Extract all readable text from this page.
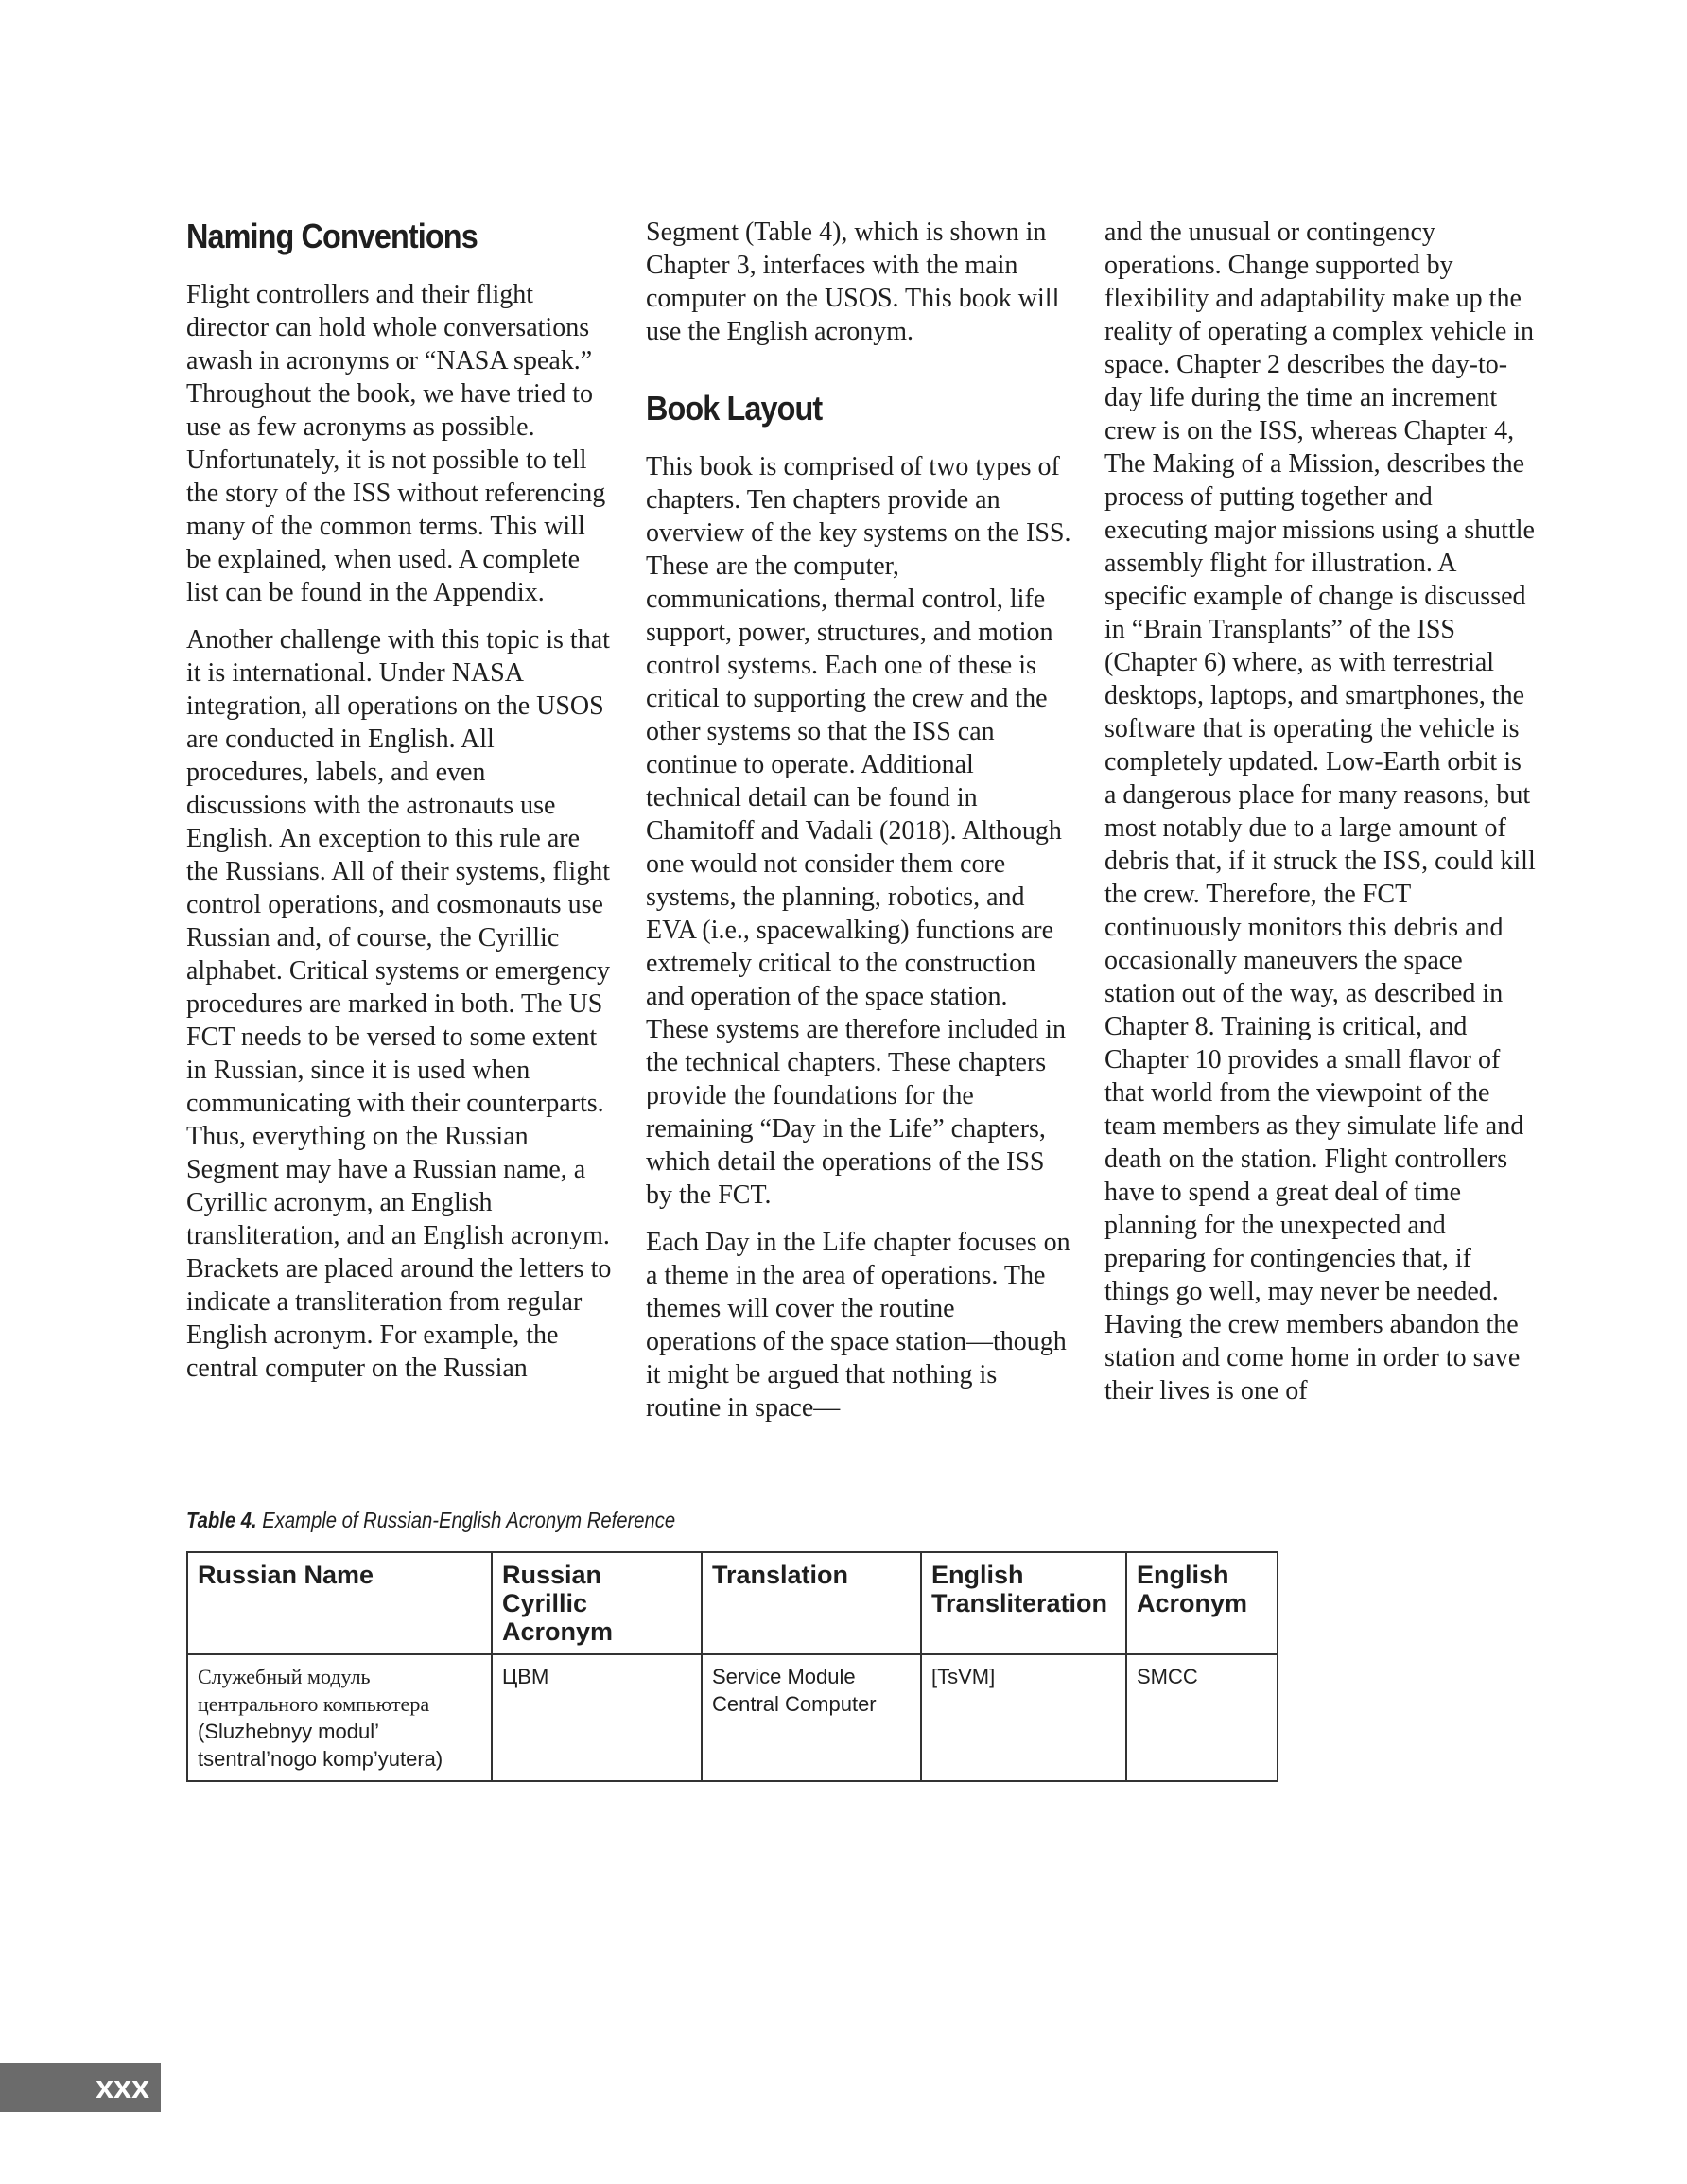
Naming Conventions

Flight controllers and their flight director can hold whole conversations awash in acronyms or “NASA speak.” Throughout the book, we have tried to use as few acronyms as possible. Unfortunately, it is not possible to tell the story of the ISS without referencing many of the common terms. This will be explained, when used. A complete list can be found in the Appendix.

Another challenge with this topic is that it is international. Under NASA integration, all operations on the USOS are conducted in English. All procedures, labels, and even discussions with the astronauts use English. An exception to this rule are the Russians. All of their systems, flight control operations, and cosmonauts use Russian and, of course, the Cyrillic alphabet. Critical systems or emergency procedures are marked in both. The US FCT needs to be versed to some extent in Russian, since it is used when communicating with their counterparts. Thus, everything on the Russian Segment may have a Russian name, a Cyrillic acronym, an English transliteration, and an English acronym. Brackets are placed around the letters to indicate a transliteration from regular English acronym. For example, the central computer on the Russian

Segment (Table 4), which is shown in Chapter 3, interfaces with the main computer on the USOS. This book will use the English acronym.

Book Layout

This book is comprised of two types of chapters. Ten chapters provide an overview of the key systems on the ISS. These are the computer, communications, thermal control, life support, power, structures, and motion control systems. Each one of these is critical to supporting the crew and the other systems so that the ISS can continue to operate. Additional technical detail can be found in Chamitoff and Vadali (2018). Although one would not consider them core systems, the planning, robotics, and EVA (i.e., spacewalking) functions are extremely critical to the construction and operation of the space station. These systems are therefore included in the technical chapters. These chapters provide the foundations for the remaining “Day in the Life” chapters, which detail the operations of the ISS by the FCT.

Each Day in the Life chapter focuses on a theme in the area of operations. The themes will cover the routine operations of the space station—though it might be argued that nothing is routine in space—

and the unusual or contingency operations. Change supported by flexibility and adaptability make up the reality of operating a complex vehicle in space. Chapter 2 describes the day-to-day life during the time an increment crew is on the ISS, whereas Chapter 4, The Making of a Mission, describes the process of putting together and executing major missions using a shuttle assembly flight for illustration. A specific example of change is discussed in “Brain Transplants” of the ISS (Chapter 6) where, as with terrestrial desktops, laptops, and smartphones, the software that is operating the vehicle is completely updated. Low-Earth orbit is a dangerous place for many reasons, but most notably due to a large amount of debris that, if it struck the ISS, could kill the crew. Therefore, the FCT continuously monitors this debris and occasionally maneuvers the space station out of the way, as described in Chapter 8. Training is critical, and Chapter 10 provides a small flavor of that world from the viewpoint of the team members as they simulate life and death on the station. Flight controllers have to spend a great deal of time planning for the unexpected and preparing for contingencies that, if things go well, may never be needed. Having the crew members abandon the station and come home in order to save their lives is one of

Table 4. Example of Russian-English Acronym Reference
Russian Name	Russian Cyrillic Acronym	Translation	English Transliteration	English Acronym
Служебный модуль центрального компьютера
(Sluzhebnyy modul’ tsentral’nogo komp’yutera)	ЦВМ	Service Module Central Computer	[TsVM]	SMCC
xxx
